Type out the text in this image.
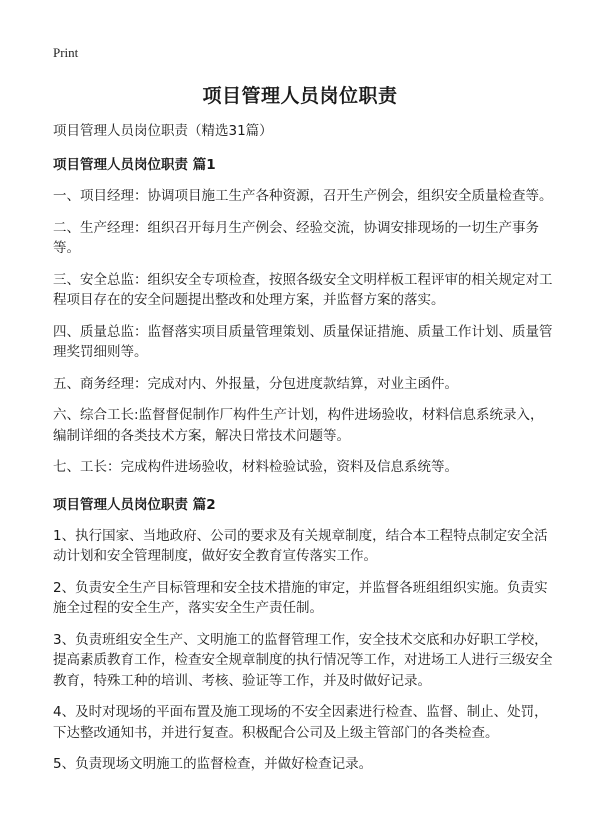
Print
项目管理人员岗位职责
项目管理人员岗位职责（精选31篇）
项目管理人员岗位职责 篇1

一、项目经理：协调项目施工生产各种资源，召开生产例会，组织安全质量检查等。

二、生产经理：组织召开每月生产例会、经验交流，协调安排现场的一切生产事务等。

三、安全总监：组织安全专项检查，按照各级安全文明样板工程评审的相关规定对工程项目存在的安全问题提出整改和处理方案，并监督方案的落实。

四、质量总监：监督落实项目质量管理策划、质量保证措施、质量工作计划、质量管理奖罚细则等。

五、商务经理：完成对内、外报量，分包进度款结算，对业主函件。

六、综合工长:监督督促制作厂构件生产计划，构件进场验收，材料信息系统录入，编制详细的各类技术方案，解决日常技术问题等。

七、工长：完成构件进场验收，材料检验试验，资料及信息系统等。

项目管理人员岗位职责 篇2

1、执行国家、当地政府、公司的要求及有关规章制度，结合本工程特点制定安全活动计划和安全管理制度，做好安全教育宣传落实工作。

2、负责安全生产目标管理和安全技术措施的审定，并监督各班组组织实施。负责实施全过程的安全生产，落实安全生产责任制。

3、负责班组安全生产、文明施工的监督管理工作，安全技术交底和办好职工学校，提高素质教育工作，检查安全规章制度的执行情况等工作，对进场工人进行三级安全教育，特殊工种的培训、考核、验证等工作，并及时做好记录。

4、及时对现场的平面布置及施工现场的不安全因素进行检查、监督、制止、处罚，下达整改通知书，并进行复查。积极配合公司及上级主管部门的各类检查。

5、负责现场文明施工的监督检查，并做好检查记录。
